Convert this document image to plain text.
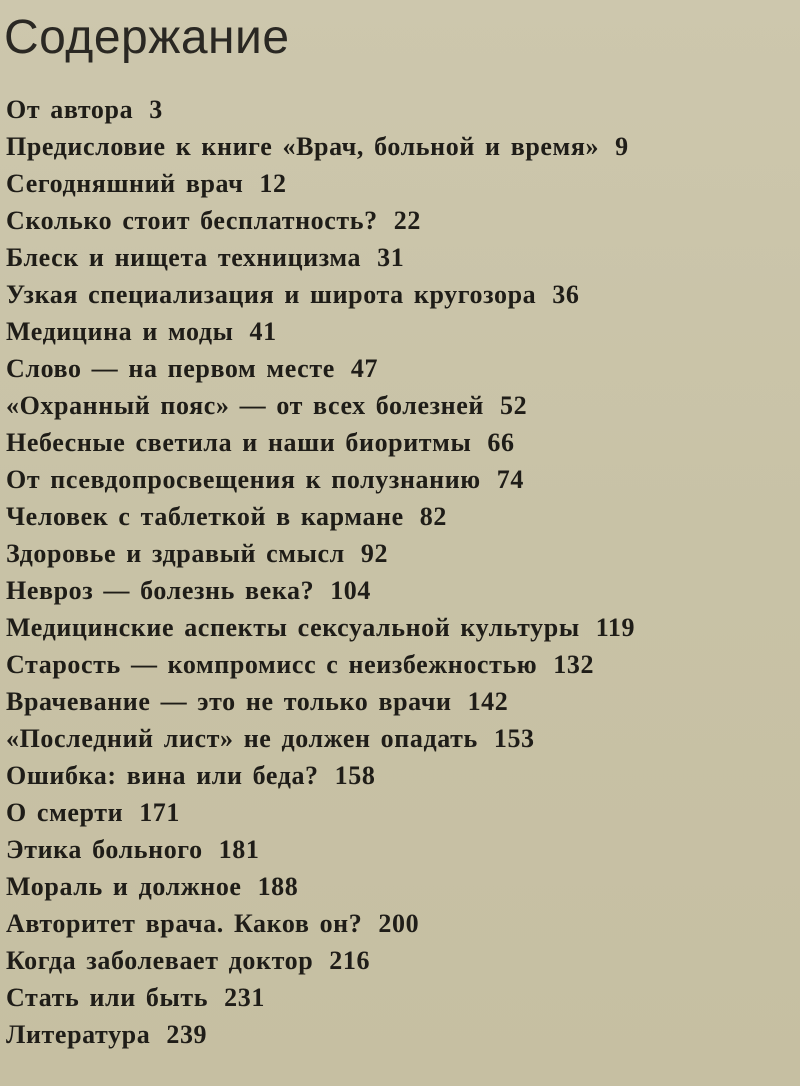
Содержание
От автора 3
Предисловие к книге «Врач, больной и время» 9
Сегодняшний врач 12
Сколько стоит бесплатность? 22
Блеск и нищета техницизма 31
Узкая специализация и широта кругозора 36
Медицина и моды 41
Слово — на первом месте 47
«Охранный пояс» — от всех болезней 52
Небесные светила и наши биоритмы 66
От псевдопросвещения к полузнанию 74
Человек с таблеткой в кармане 82
Здоровье и здравый смысл 92
Невроз — болезнь века? 104
Медицинские аспекты сексуальной культуры 119
Старость — компромисс с неизбежностью 132
Врачевание — это не только врачи 142
«Последний лист» не должен опадать 153
Ошибка: вина или беда? 158
О смерти 171
Этика больного 181
Мораль и должное 188
Авторитет врача. Каков он? 200
Когда заболевает доктор 216
Стать или быть 231
Литература 239
